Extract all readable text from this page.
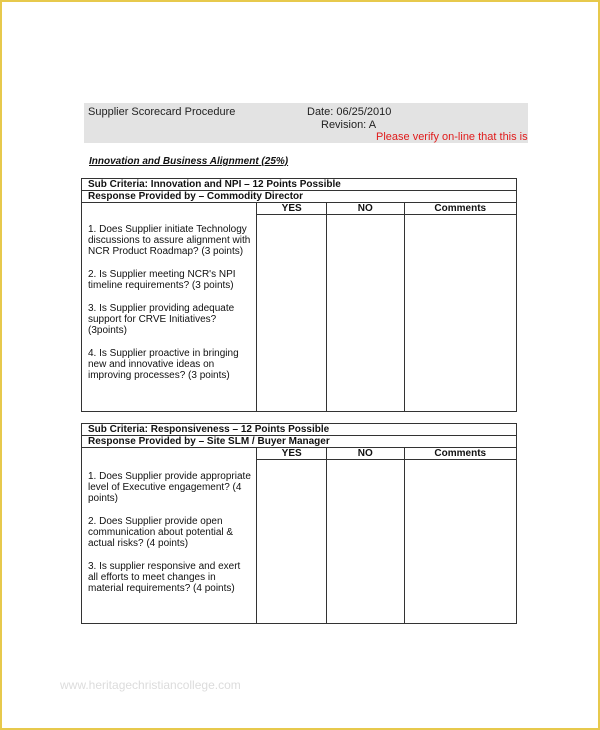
Supplier Scorecard Procedure	Date: 06/25/2010
Revision: A
Please verify on-line that this is
Innovation and Business Alignment (25%)
Sub Criteria: Innovation and NPI – 12 Points Possible			
Response Provided by – Commodity Director			
	YES	NO	Comments

1. Does Supplier initiate Technology discussions to assure alignment with NCR Product Roadmap? (3 points)
2. Is Supplier meeting NCR's NPI timeline requirements? (3 points)
3. Is Supplier providing adequate support for CRVE Initiatives? (3points)
4. Is Supplier proactive in bringing new and innovative ideas on improving processes? (3 points)			

Sub Criteria: Responsiveness – 12 Points Possible			
Response Provided by – Site SLM / Buyer Manager			
	YES	NO	Comments

1. Does Supplier provide appropriate level of Executive engagement? (4 points)
2. Does Supplier provide open communication about potential & actual risks? (4 points)
3. Is supplier responsive and exert all efforts to meet changes in material requirements? (4 points)			

www.heritagechristiancollege.com
